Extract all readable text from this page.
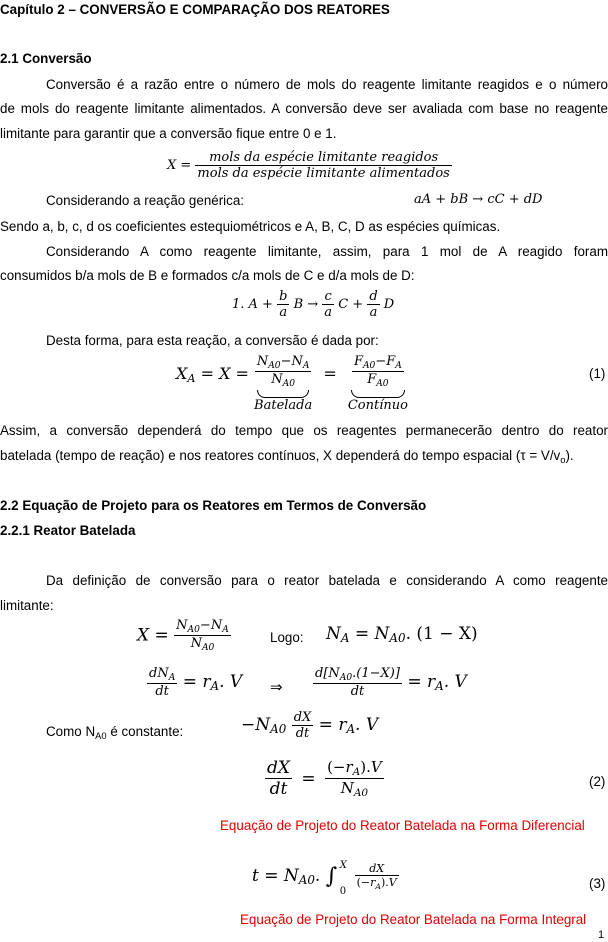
Capítulo 2 – CONVERSÃO E COMPARAÇÃO DOS REATORES
2.1 Conversão
Conversão é a razão entre o número de mols do reagente limitante reagidos e o número
de mols do reagente limitante alimentados. A conversão deve ser avaliada com base no reagente
limitante para garantir que a conversão fique entre 0 e 1.
$X = \frac{\text{mols da espécie limitante reagidos}}{\text{mols da espécie limitante alimentados}}$
Considerando a reação genérica:	aA + bB → cC + dD
Sendo a, b, c, d os coeficientes estequiométricos e A, B, C, D as espécies químicas.
Considerando A como reagente limitante, assim, para 1 mol de A reagido foram
consumidos b/a mols de B e formados c/a mols de C e d/a mols de D:
1. $A + \frac{b}{a}$ $B \to \frac{c}{a}$ $C + \frac{d}{a}$ D
Desta forma, para esta reação, a conversão é dada por:
$X_A = X = \frac{N_{A0}-N_A}{N_{A0}}$
Batelada
= $\frac{F_{A0}-F_A}{F_{A0}}$
Contínuo
(1)
Assim, a conversão dependerá do tempo que os reagentes permanecerão dentro do reator
batelada (tempo de reação) e nos reatores contínuos, X dependerá do tempo espacial $(\tau = V/v_o)$.
2.2 Equação de Projeto para os Reatores em Termos de Conversão
2.2.1 Reator Batelada
Da definição de conversão para o reator batelada e considerando A como reagente
limitante:
$X = \frac{N_{A0}-N_A}{N_{A0}}$	Logo: $N_A = N_{A0}$. (1 − X)
$\frac{dN_A}{dt} = r_A$. V ⇒ $\frac{d[N_{A0}.(1-X)]}{dt} = r_A$. V
Como $N_{A0}$ é constante:	$-N_{A0} \frac{dX}{dt} = r_A$. V
$\frac{dX}{dt} = \frac{(-r_A).V}{N_{A0}}$	(2)
Equação de Projeto do Reator Batelada na Forma Diferencial
$t = N_{A0}$. ∫ X
0

$\frac{dX}{(-r_A).V}$	(3)
Equação de Projeto do Reator Batelada na Forma Integral
1
